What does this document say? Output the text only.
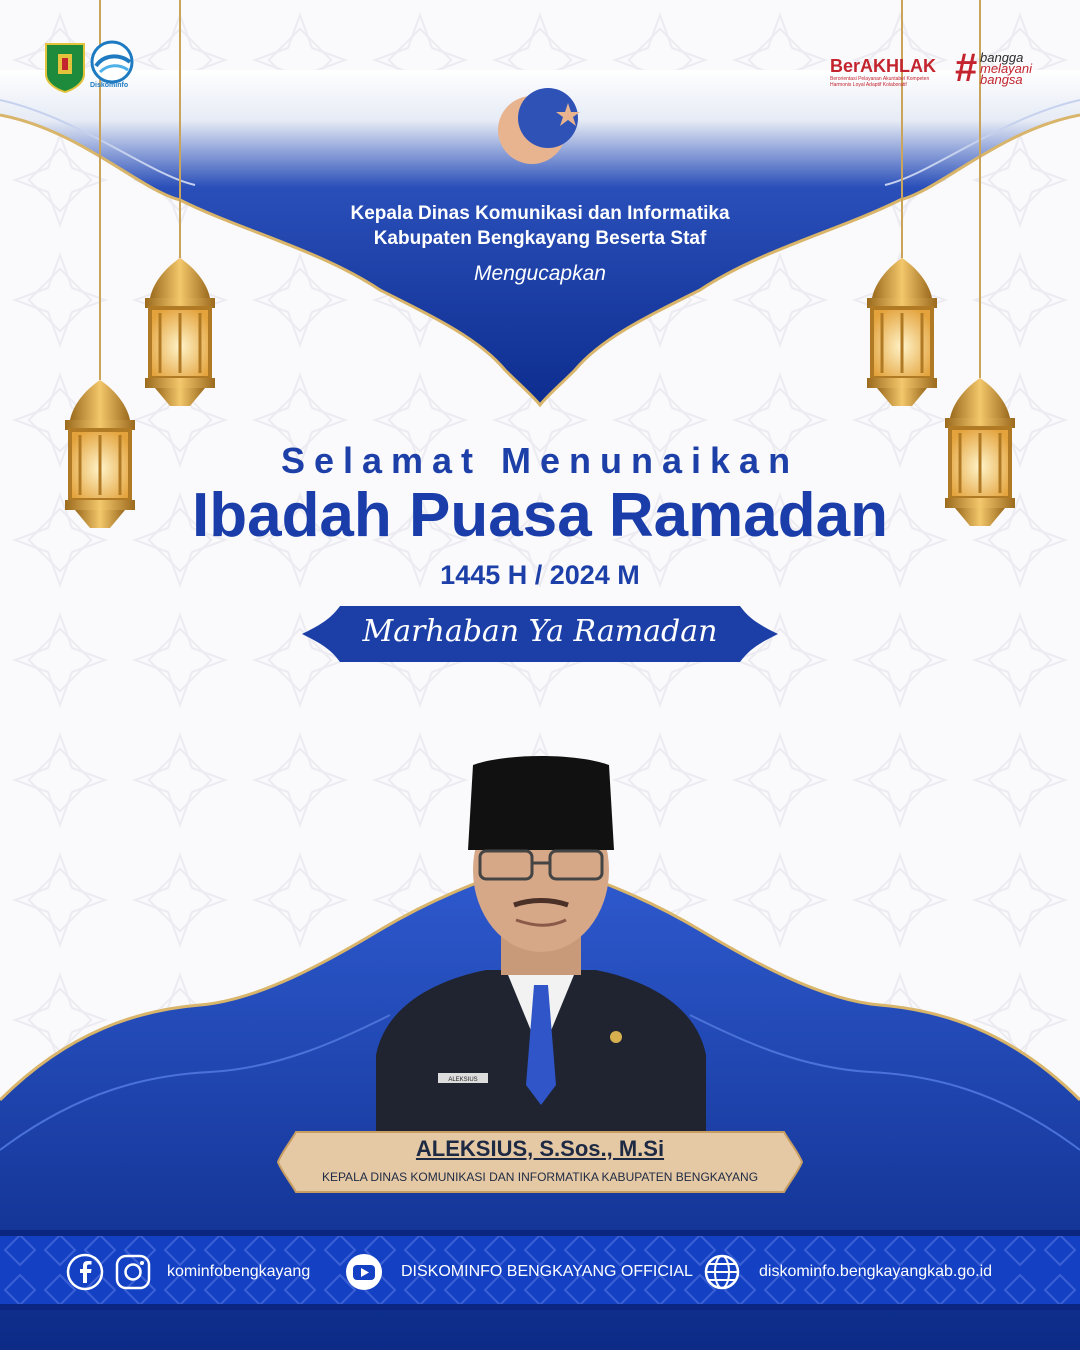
Diskominfo
BerAKHLAK
Berorientasi Pelayanan Akuntabel Kompeten Harmonis Loyal Adaptif Kolaboratif	# bangga
melayani
bangsa
Kepala Dinas Komunikasi dan Informatika
Kabupaten Bengkayang Beserta Staf
Mengucapkan
Selamat Menunaikan
Ibadah Puasa Ramadan
1445 H / 2024 M
Marhaban Ya Ramadan
ALEKSIUS
ALEKSIUS, S.Sos., M.Si
KEPALA DINAS KOMUNIKASI DAN INFORMATIKA KABUPATEN BENGKAYANG
kominfobengkayang	DISKOMINFO BENGKAYANG OFFICIAL	diskominfo.bengkayangkab.go.id
